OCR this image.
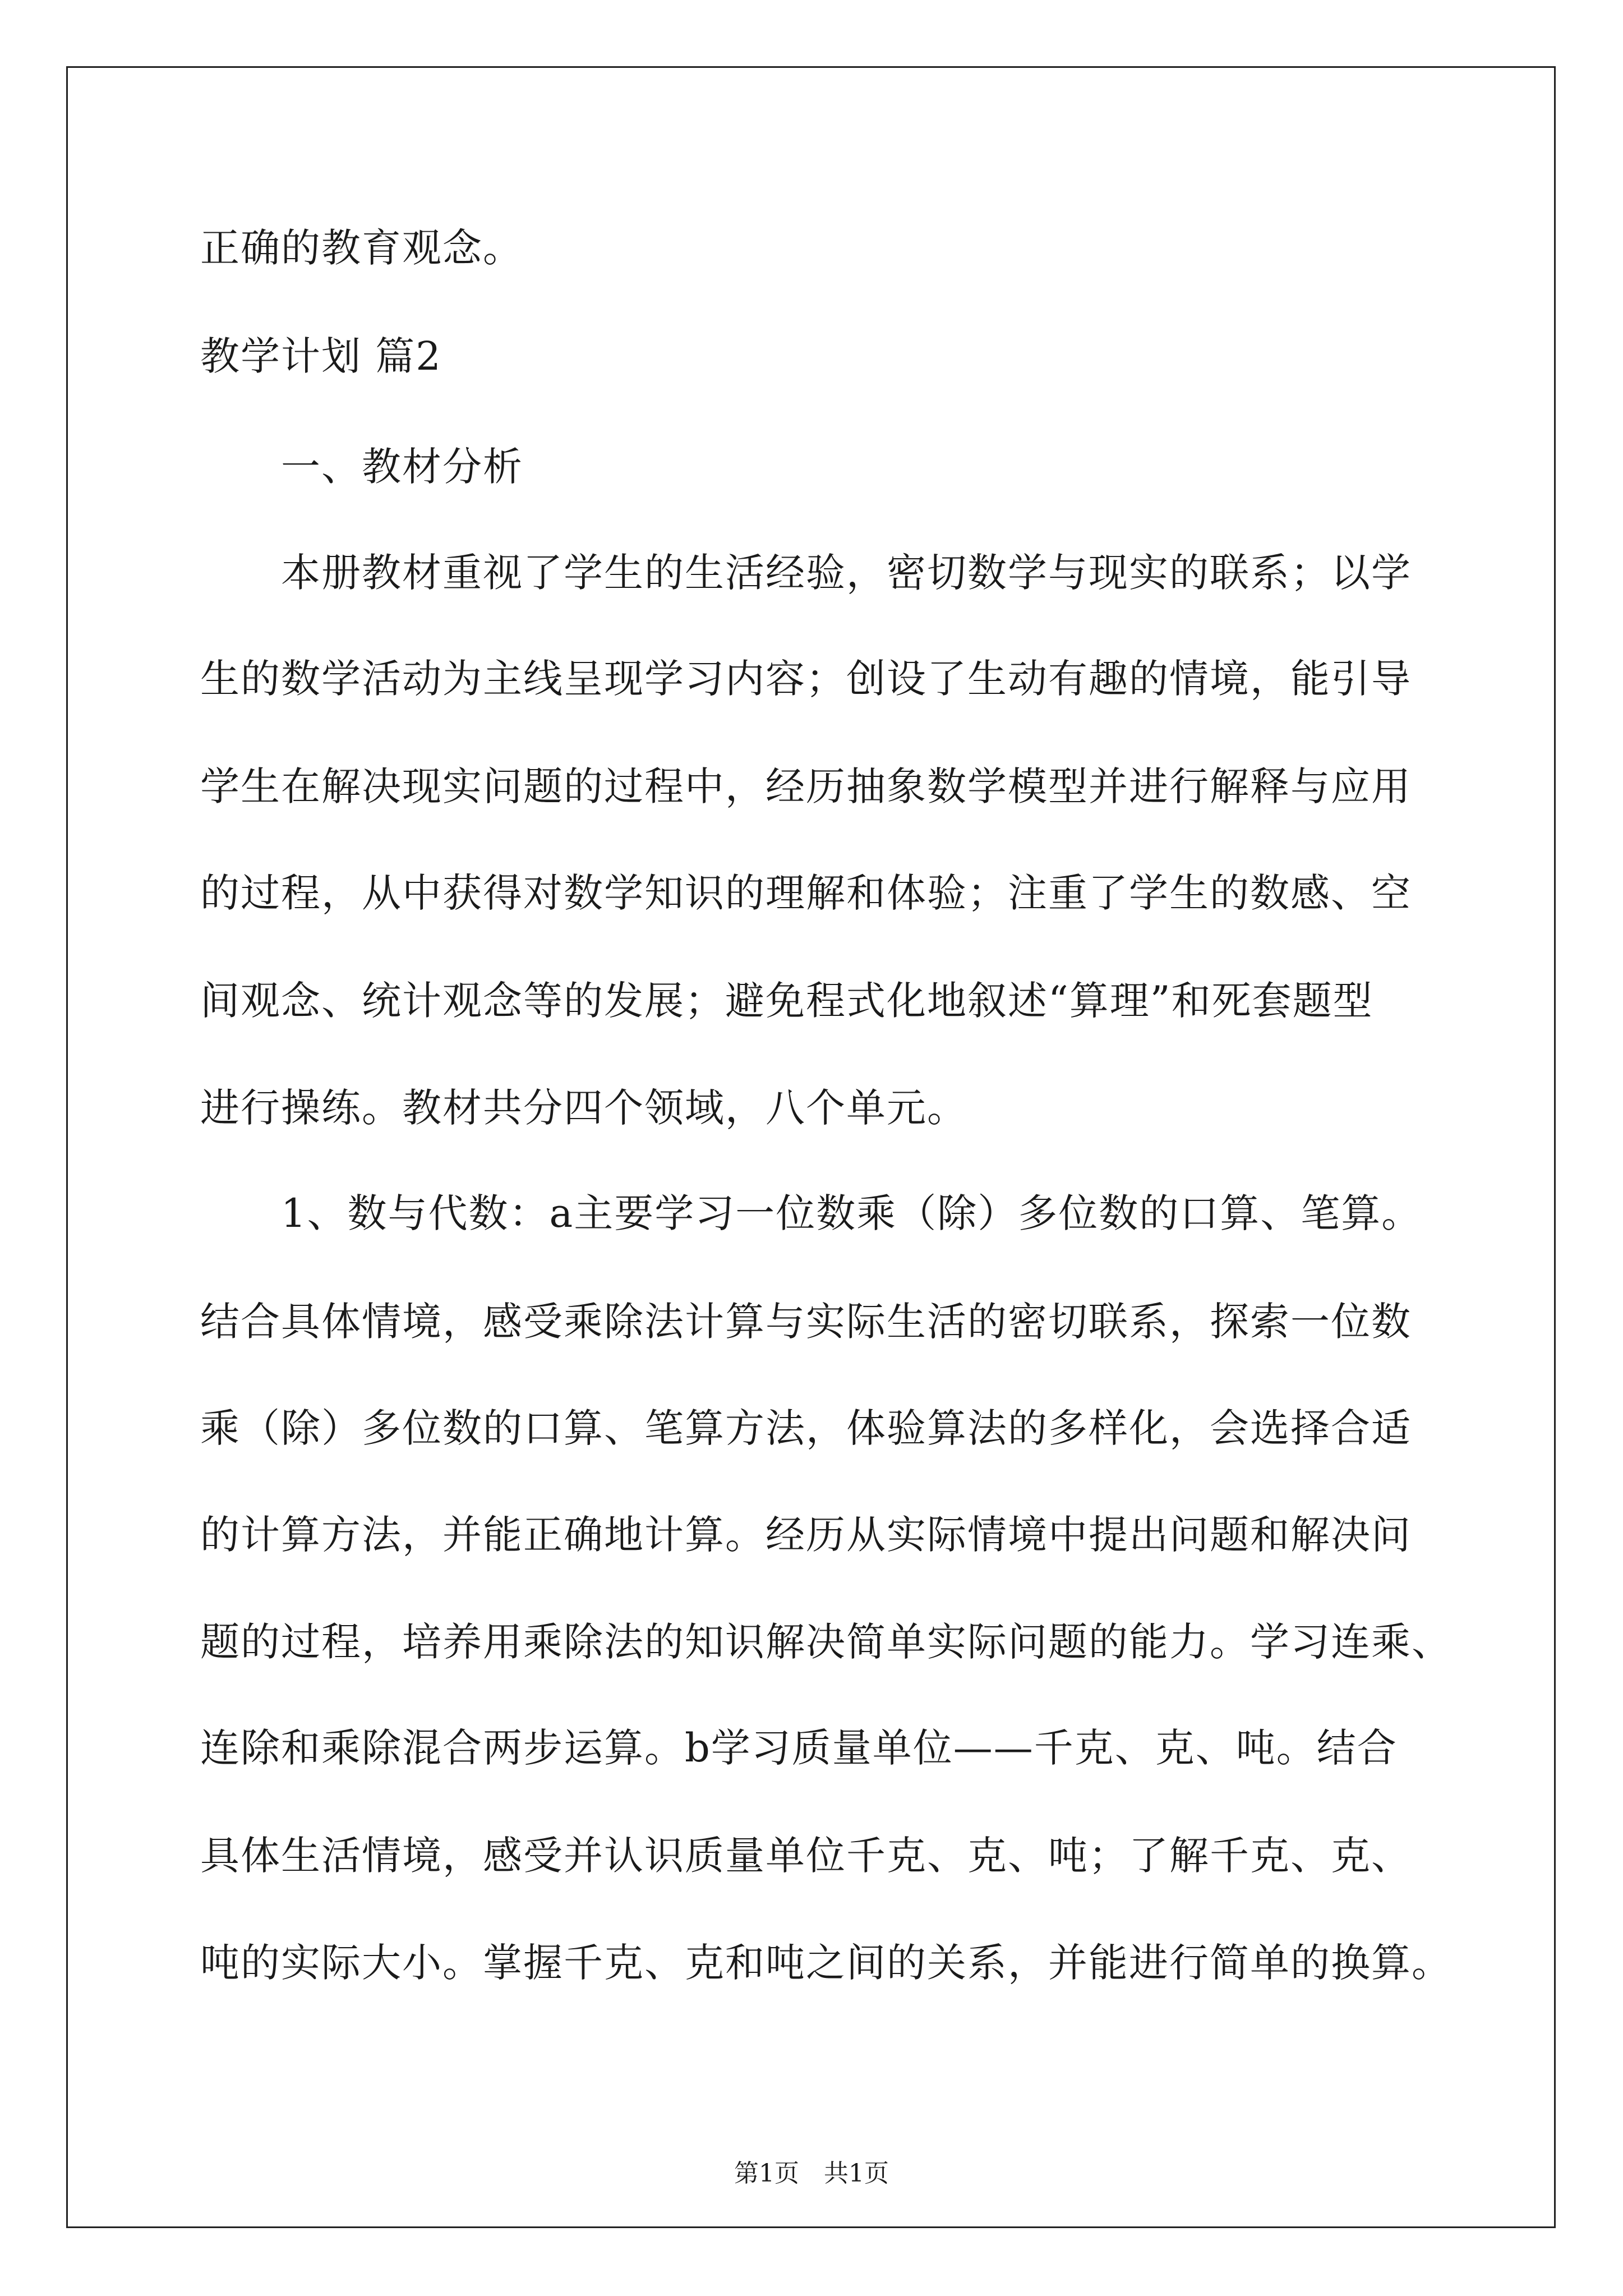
正确的教育观念。

教学计划 篇2

　　一、教材分析

　　本册教材重视了学生的生活经验，密切数学与现实的联系；以学

生的数学活动为主线呈现学习内容；创设了生动有趣的情境，能引导

学生在解决现实问题的过程中，经历抽象数学模型并进行解释与应用

的过程，从中获得对数学知识的理解和体验；注重了学生的数感、空

间观念、统计观念等的发展；避免程式化地叙述“算理”和死套题型

进行操练。教材共分四个领域，八个单元。

　　1、数与代数：a主要学习一位数乘（除）多位数的口算、笔算。

结合具体情境，感受乘除法计算与实际生活的密切联系，探索一位数

乘（除）多位数的口算、笔算方法，体验算法的多样化，会选择合适

的计算方法，并能正确地计算。经历从实际情境中提出问题和解决问

题的过程，培养用乘除法的知识解决简单实际问题的能力。学习连乘、

连除和乘除混合两步运算。b学习质量单位——千克、克、吨。结合

具体生活情境，感受并认识质量单位千克、克、吨；了解千克、克、

吨的实际大小。掌握千克、克和吨之间的关系，并能进行简单的换算。

第1页　共1页
